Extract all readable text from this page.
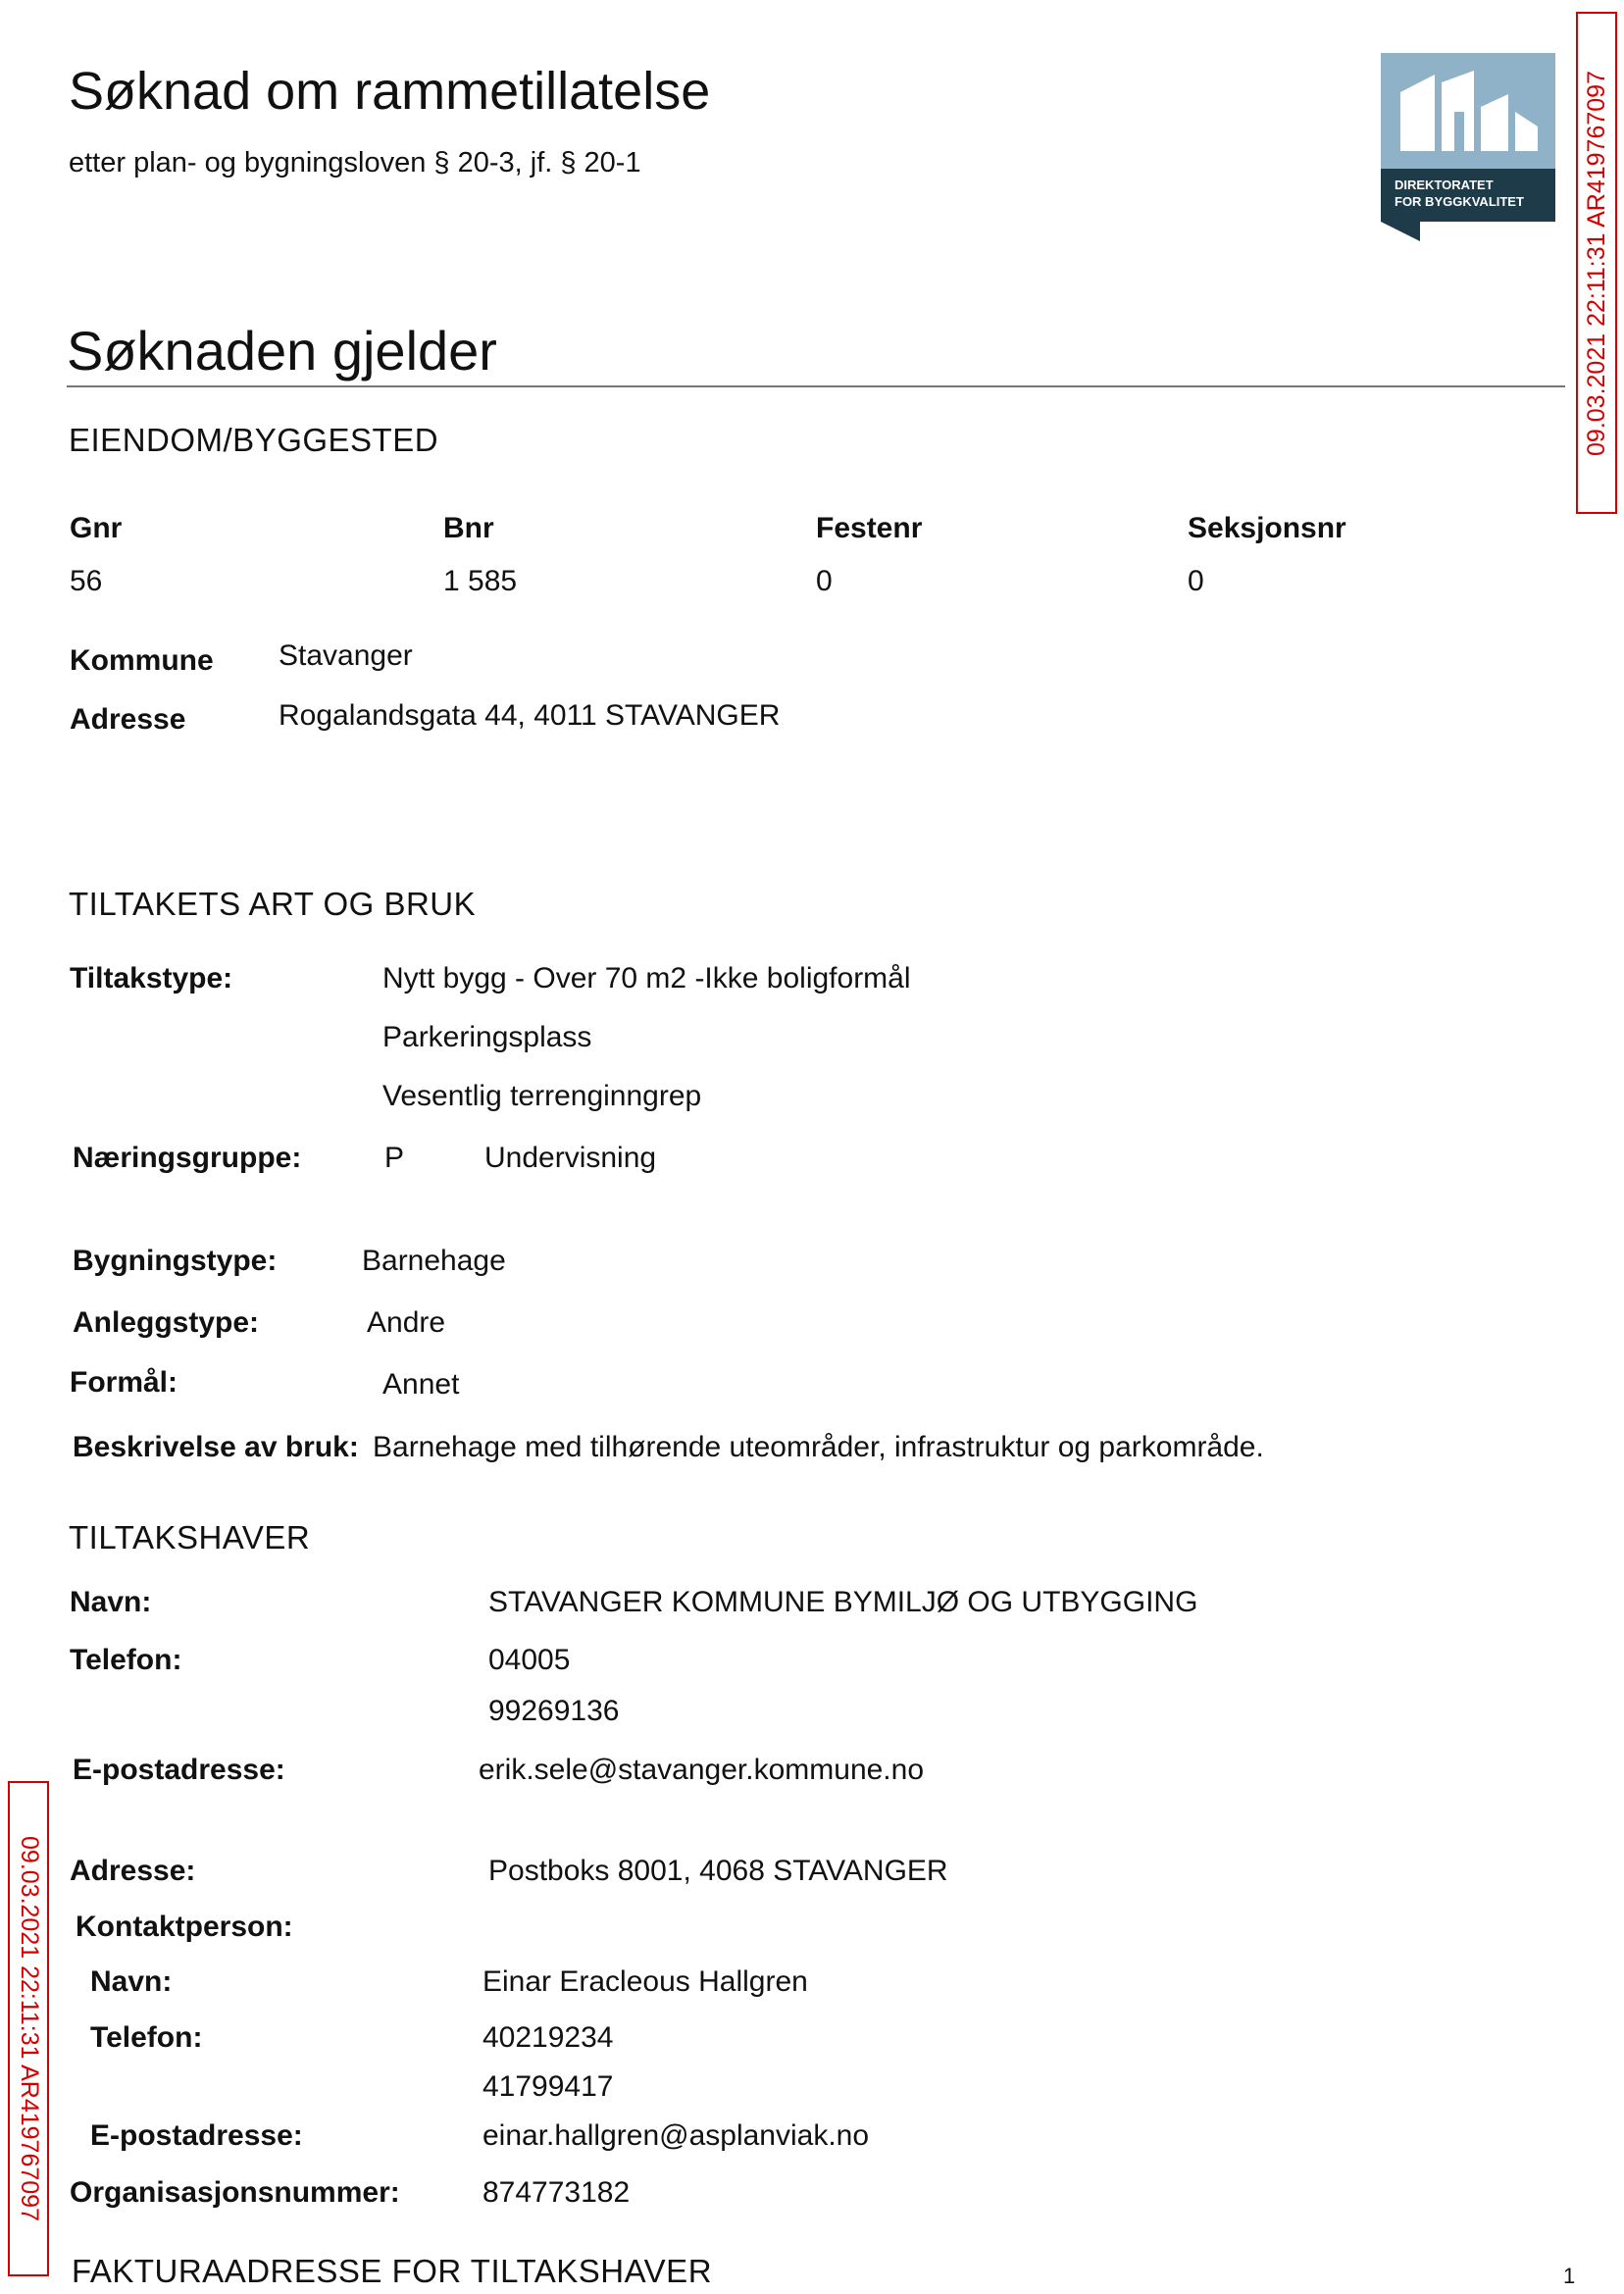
Søknad om rammetillatelse
etter plan- og bygningsloven § 20-3, jf. § 20-1
DIREKTORATET
FOR BYGGKVALITET 09.03.2021 22:11:31 AR419767097
Søknaden gjelder
EIENDOM/BYGGESTED
Gnr	Bnr	Festenr	Seksjonsnr
56	1 585	0	0
Kommune Stavanger
Adresse	Rogalandsgata 44, 4011 STAVANGER
TILTAKETS ART OG BRUK
Tiltakstype:	Nytt bygg - Over 70 m2 -Ikke boligformål
Parkeringsplass
Vesentlig terrenginngrep
Næringsgruppe:	P	Undervisning
Bygningstype:	Barnehage
Anleggstype:	Andre
Formål:	Annet
Beskrivelse av bruk: Barnehage med tilhørende uteområder, infrastruktur og parkområde.
TILTAKSHAVER
Navn:	STAVANGER KOMMUNE BYMILJØ OG UTBYGGING
Telefon:	04005
99269136
E-postadresse:	erik.sele@stavanger.kommune.no
Adresse:	Postboks 8001, 4068 STAVANGER
Kontaktperson:
Navn:	Einar Eracleous Hallgren
Telefon:	40219234
41799417
E-postadresse:	einar.hallgren@asplanviak.no
Organisasjonsnummer:	874773182
FAKTURAADRESSE FOR TILTAKSHAVER
09.03.2021 22:11:31 AR419767097
1
